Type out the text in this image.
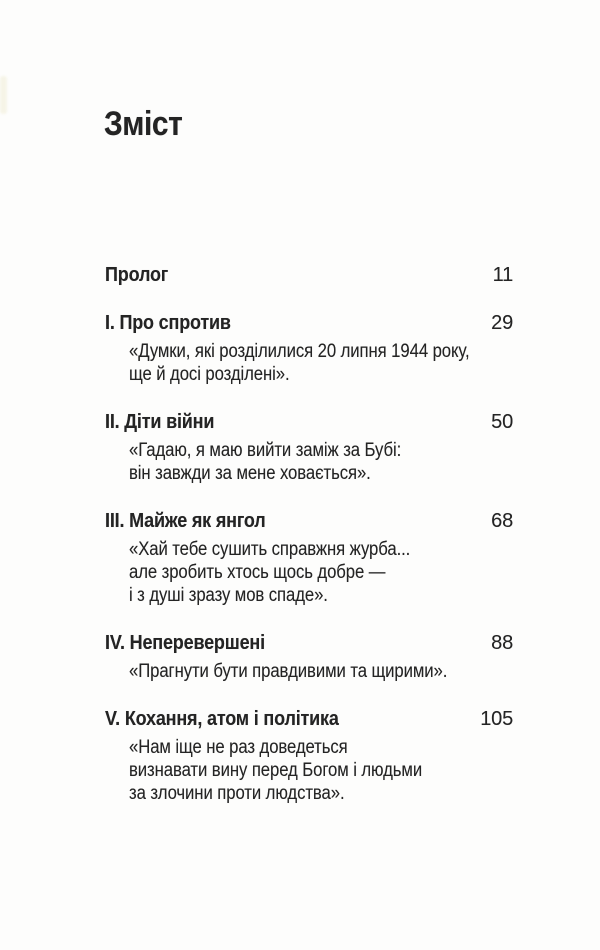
Зміст
Пролог	11
I. Про спротив	29
«Думки, які розділилися 20 липня 1944 року,
ще й досі розділені».
II. Діти війни	50
«Гадаю, я маю вийти заміж за Бубі:
він завжди за мене ховається».
III. Майже як янгол	68
«Хай тебе сушить справжня журба...
але зробить хтось щось добре —
і з душі зразу мов спаде».
IV. Неперевершені	88
«Прагнути бути правдивими та щирими».
V. Кохання, атом і політика	105
«Нам іще не раз доведеться
визнавати вину перед Богом і людьми
за злочини проти людства».
